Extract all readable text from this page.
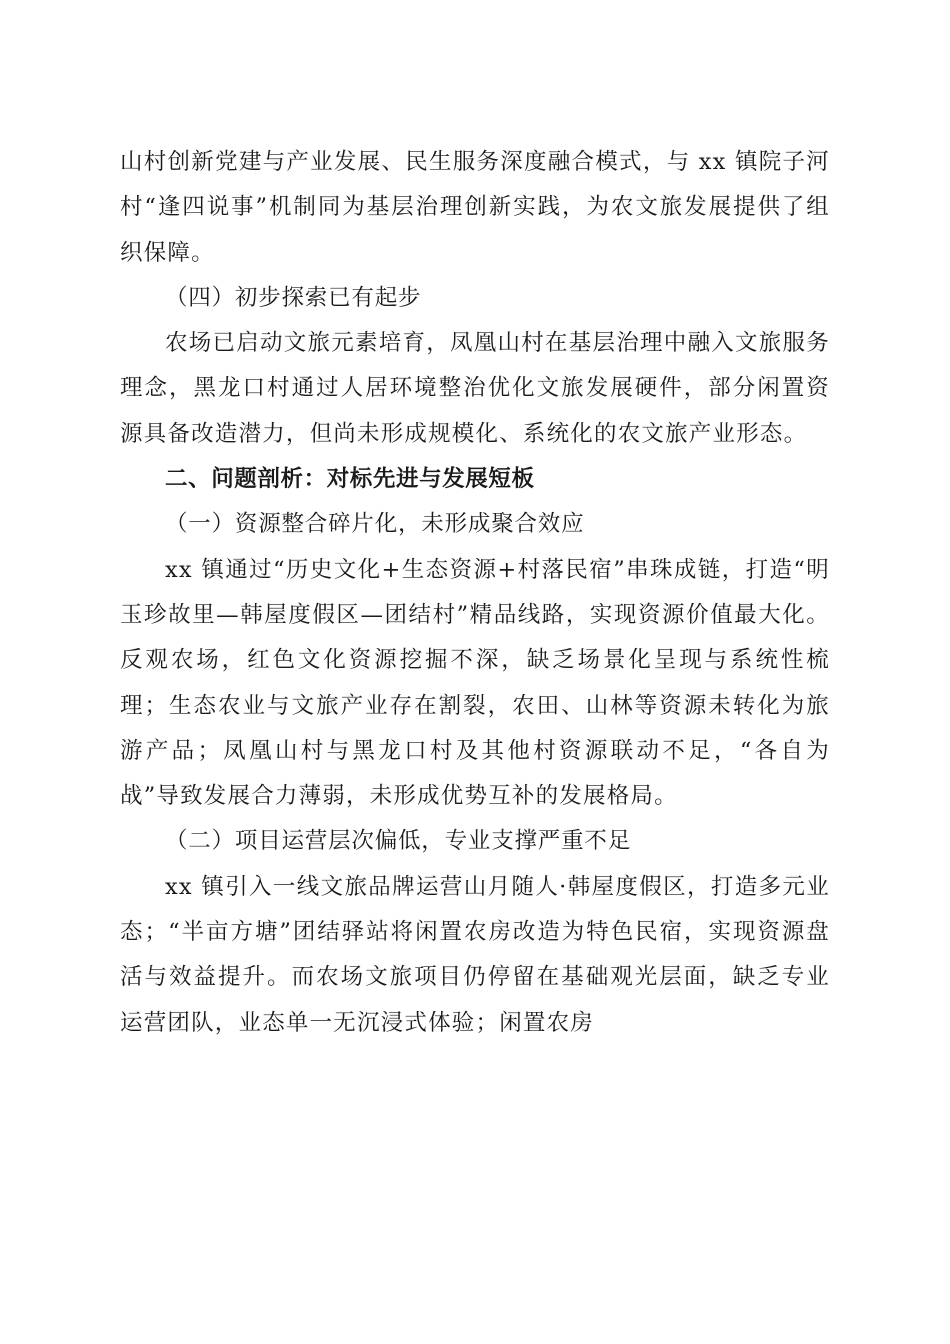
山村创新党建与产业发展、民生服务深度融合模式，与 xx 镇院子河村“逢四说事”机制同为基层治理创新实践，为农文旅发展提供了组织保障。

（四）初步探索已有起步

农场已启动文旅元素培育，凤凰山村在基层治理中融入文旅服务理念，黑龙口村通过人居环境整治优化文旅发展硬件，部分闲置资源具备改造潜力，但尚未形成规模化、系统化的农文旅产业形态。

二、问题剖析：对标先进与发展短板

（一）资源整合碎片化，未形成聚合效应

xx 镇通过“历史文化+生态资源+村落民宿”串珠成链，打造“明玉珍故里—韩屋度假区—团结村”精品线路，实现资源价值最大化。反观农场，红色文化资源挖掘不深，缺乏场景化呈现与系统性梳理；生态农业与文旅产业存在割裂，农田、山林等资源未转化为旅游产品；凤凰山村与黑龙口村及其他村资源联动不足，“各自为战”导致发展合力薄弱，未形成优势互补的发展格局。

（二）项目运营层次偏低，专业支撑严重不足

xx 镇引入一线文旅品牌运营山月随人·韩屋度假区，打造多元业态；“半亩方塘”团结驿站将闲置农房改造为特色民宿，实现资源盘活与效益提升。而农场文旅项目仍停留在基础观光层面，缺乏专业运营团队，业态单一无沉浸式体验；闲置农房
